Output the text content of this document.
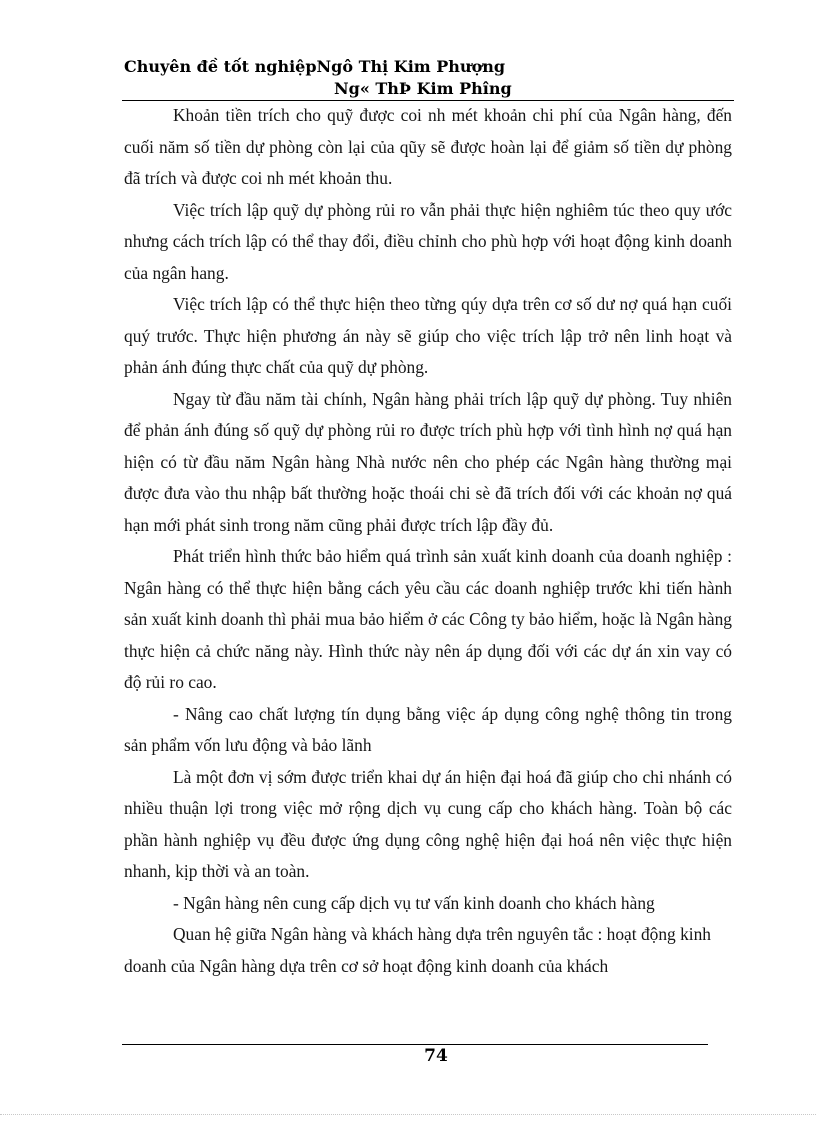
Chuyên đề tốt nghiệpNgô Thị Kim Phượng
Ng« ThÞ Kim Phîng

Khoản tiền trích cho quỹ được coi nh mét khoản chi phí của Ngân hàng, đến cuối năm số tiền dự phòng còn lại của qũy sẽ được hoàn lại để giảm số tiền dự phòng đã trích và được coi nh mét khoản thu.

Việc trích lập quỹ dự phòng rủi ro vẫn phải thực hiện nghiêm túc theo quy ước nhưng cách trích lập có thể thay đổi, điều chỉnh cho phù hợp với hoạt động kinh doanh của ngân hang.

Việc trích lập có thể thực hiện theo từng qúy dựa trên cơ số dư nợ quá hạn cuối quý trước. Thực hiện phương án này sẽ giúp cho việc trích lập trở nên linh hoạt và phản ánh đúng thực chất của quỹ dự phòng.

Ngay từ đầu năm tài chính, Ngân hàng phải trích lập quỹ dự phòng. Tuy nhiên để phản ánh đúng số quỹ dự phòng rủi ro được trích phù hợp với tình hình nợ quá hạn hiện có từ đầu năm Ngân hàng Nhà nước nên cho phép các Ngân hàng thường mại được đưa vào thu nhập bất thường hoặc thoái chi sè đã trích đối với các khoản nợ quá hạn mới phát sinh trong năm cũng phải được trích lập đầy đủ.

Phát triển hình thức bảo hiểm quá trình sản xuất kinh doanh của doanh nghiệp : Ngân hàng có thể thực hiện bằng cách yêu cầu các doanh nghiệp trước khi tiến hành sản xuất kinh doanh thì phải mua bảo hiểm ở các Công ty bảo hiểm, hoặc là Ngân hàng thực hiện cả chức năng này. Hình thức này nên áp dụng đối với các dự án xin vay có độ rủi ro cao.

- Nâng cao chất lượng tín dụng bằng việc áp dụng công nghệ thông tin trong sản phẩm vốn lưu động và bảo lãnh

Là một đơn vị sớm được triển khai dự án hiện đại hoá đã giúp cho chi nhánh có nhiều thuận lợi trong việc mở rộng dịch vụ cung cấp cho khách hàng. Toàn bộ các phần hành nghiệp vụ đều được ứng dụng công nghệ hiện đại hoá nên việc thực hiện nhanh, kịp thời và an toàn.

- Ngân hàng nên cung cấp dịch vụ tư vấn kinh doanh cho khách hàng

Quan hệ giữa Ngân hàng và khách hàng dựa trên nguyên tắc : hoạt động kinh doanh của Ngân hàng dựa trên cơ sở hoạt động kinh doanh của khách

74
